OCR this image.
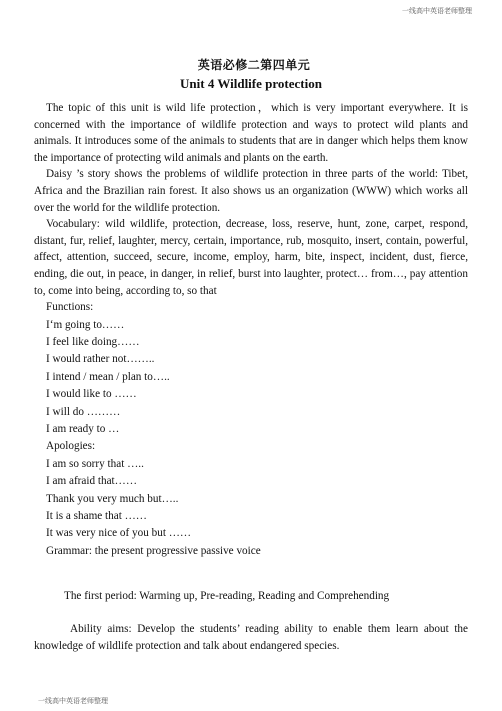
一线高中英语老师整理

英语必修二第四单元

Unit 4 Wildlife protection

The topic of this unit is wild life protection，which is very important everywhere. It is concerned with the importance of wildlife protection and ways to protect wild plants and animals. It introduces some of the animals to students that are in danger which helps them know the importance of protecting wild animals and plants on the earth.

Daisy ’s story shows the problems of wildlife protection in three parts of the world: Tibet, Africa and the Brazilian rain forest. It also shows us an organization (WWW) which works all over the world for the wildlife protection.

Vocabulary: wild wildlife, protection, decrease, loss, reserve, hunt, zone, carpet, respond, distant, fur, relief, laughter, mercy, certain, importance, rub, mosquito, insert, contain, powerful, affect, attention, succeed, secure, income, employ, harm, bite, inspect, incident, dust, fierce, ending, die out, in peace, in danger, in relief, burst into laughter, protect… from…, pay attention to, come into being, according to, so that

Functions:

I‘m going to……

I feel like doing……

I would rather not……..

I intend / mean / plan to…..

I would like to ……

I will do ………

I am ready to …

Apologies:

I am so sorry that …..

I am afraid that……

Thank you very much but…..

It is a shame that ……

It was very nice of you but ……

Grammar: the present progressive passive voice

The first period: Warming up, Pre-reading, Reading and Comprehending

Ability aims: Develop the students’ reading ability to enable them learn about the knowledge of wildlife protection and talk about endangered species.

一线高中英语老师整理
